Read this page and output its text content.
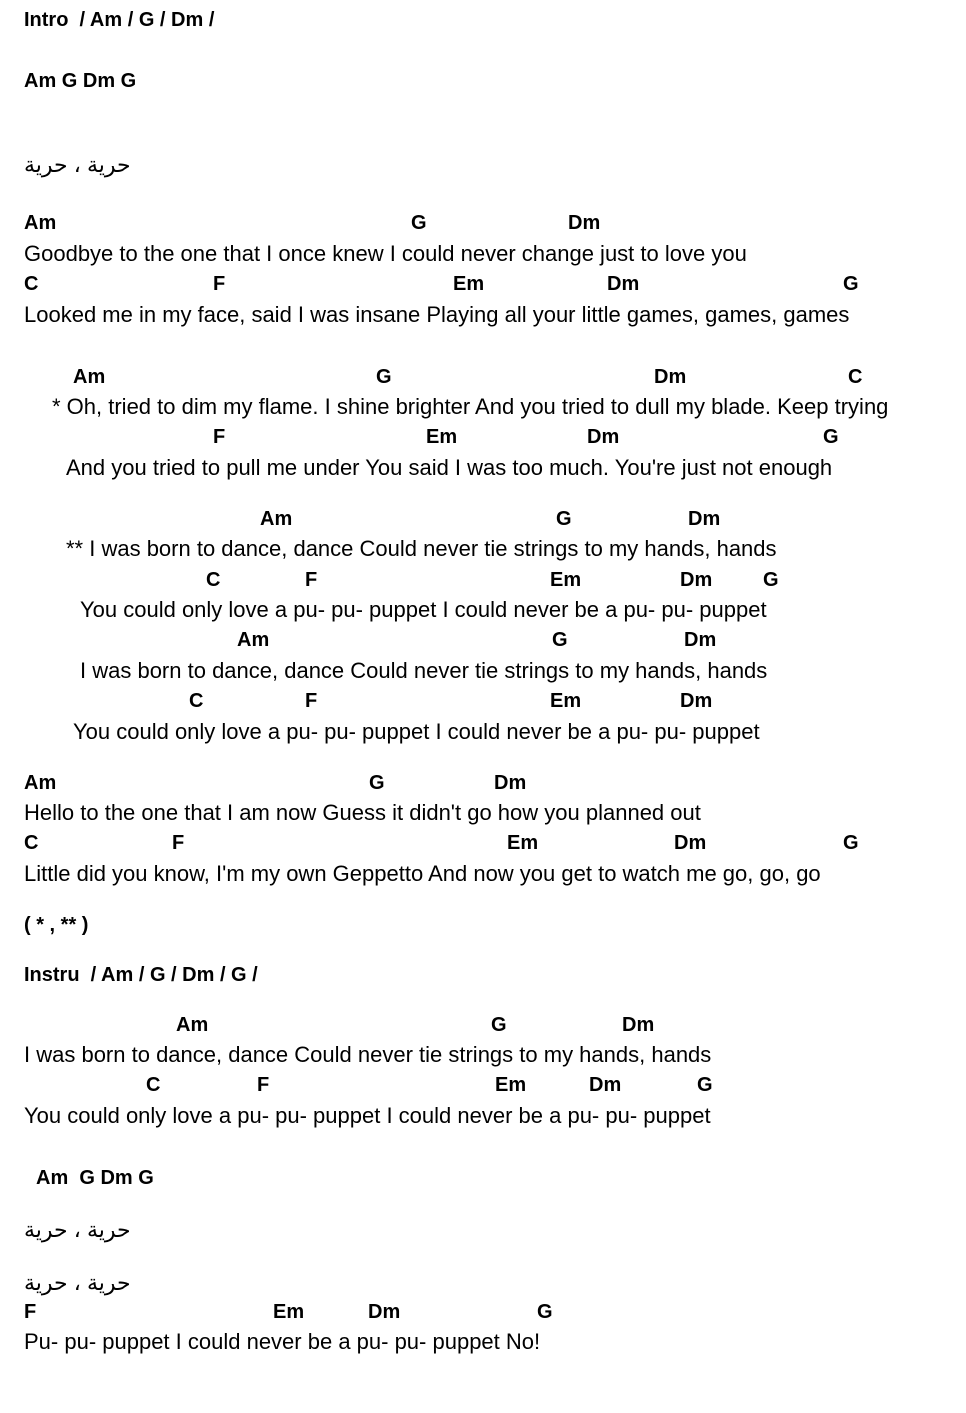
Intro  / Am / G / Dm /
Am G Dm G
حرية ، حرية
Am	G	Dm
Goodbye to the one that I once knew I could never change just to love you
C	F	Em	Dm	G
Looked me in my face, said I was insane Playing all your little games, games, games
Am	G	Dm	C
* Oh, tried to dim my flame. I shine brighter And you tried to dull my blade. Keep trying
F	Em	Dm	G
And you tried to pull me under You said I was too much. You're just not enough
Am	G	Dm
** I was born to dance, dance Could never tie strings to my hands, hands
C	F	Em	Dm	G
You could only love a pu- pu- puppet I could never be a pu- pu- puppet
Am	G	Dm
I was born to dance, dance Could never tie strings to my hands, hands
C	F	Em	Dm
You could only love a pu- pu- puppet I could never be a pu- pu- puppet
Am	G	Dm
Hello to the one that I am now Guess it didn't go how you planned out
C	F	Em	Dm	G
Little did you know, I'm my own Geppetto And now you get to watch me go, go, go
( * , ** )
Instru  / Am / G / Dm / G /
Am	G	Dm
I was born to dance, dance Could never tie strings to my hands, hands
C	F	Em	Dm	G
You could only love a pu- pu- puppet I could never be a pu- pu- puppet
Am  G Dm G
حرية ، حرية
حرية ، حرية
F	Em	Dm	G
Pu- pu- puppet I could never be a pu- pu- puppet No!
